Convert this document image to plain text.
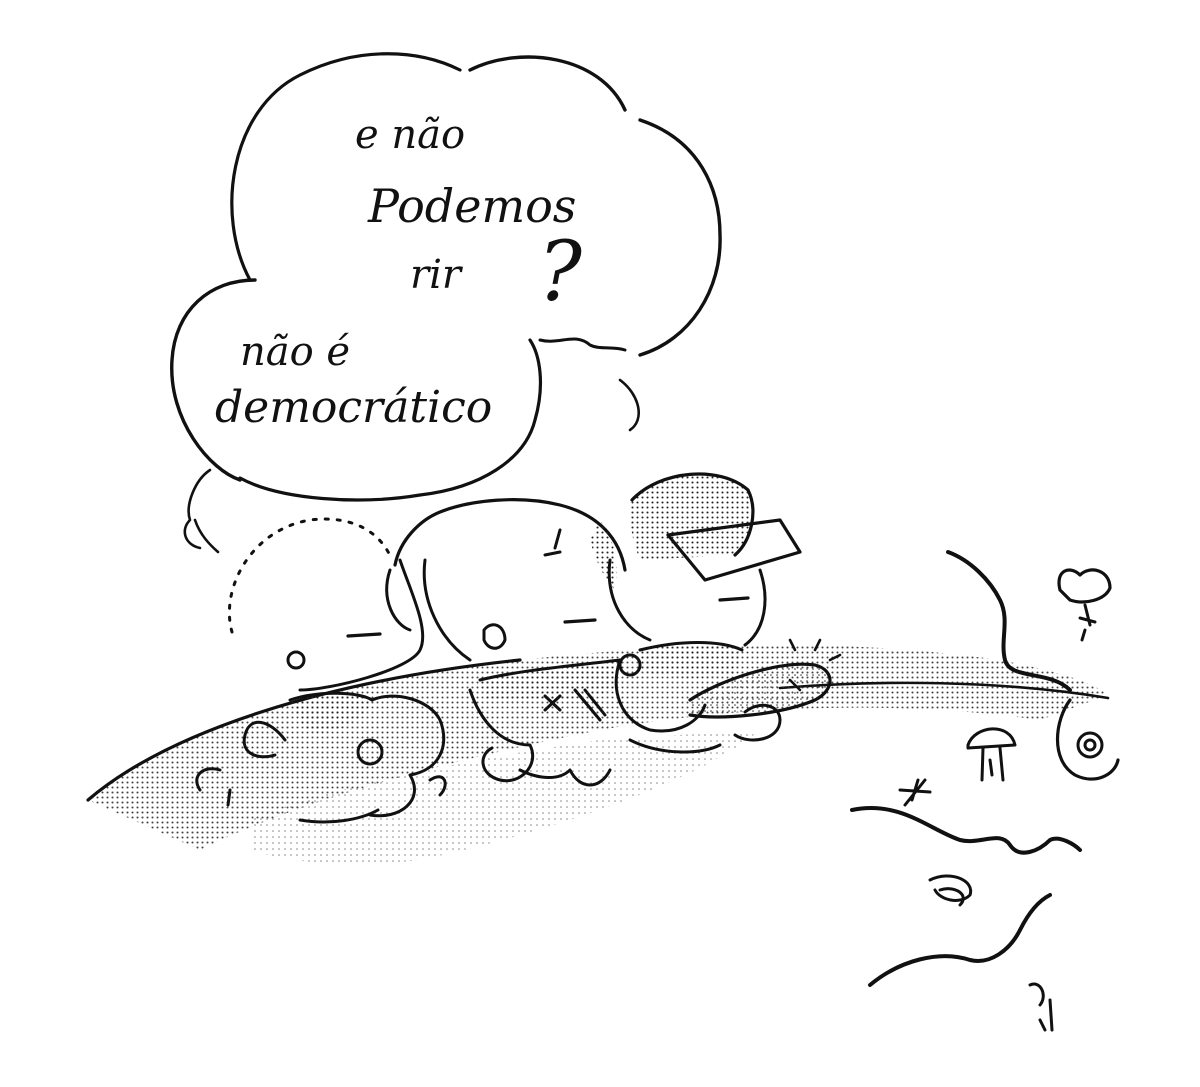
e não
Podemos
rir ?
não é
democrático
